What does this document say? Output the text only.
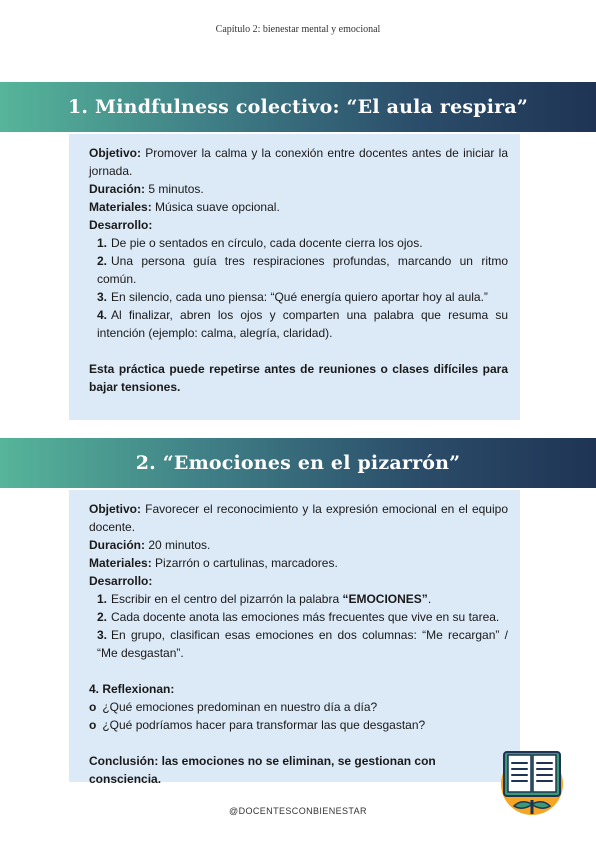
Capítulo 2: bienestar mental y emocional
1. Mindfulness colectivo: “El aula respira”

Objetivo: Promover la calma y la conexión entre docentes antes de iniciar la jornada.

Duración: 5 minutos.

Materiales: Música suave opcional.

Desarrollo:

1. De pie o sentados en círculo, cada docente cierra los ojos.

2. Una persona guía tres respiraciones profundas, marcando un ritmo común.

3. En silencio, cada uno piensa: “Qué energía quiero aportar hoy al aula.”

4. Al finalizar, abren los ojos y comparten una palabra que resuma su intención (ejemplo: calma, alegría, claridad).

Esta práctica puede repetirse antes de reuniones o clases difíciles para bajar tensiones.

2. “Emociones en el pizarrón”

Objetivo: Favorecer el reconocimiento y la expresión emocional en el equipo docente.

Duración: 20 minutos.

Materiales: Pizarrón o cartulinas, marcadores.

Desarrollo:

1. Escribir en el centro del pizarrón la palabra “EMOCIONES”.

2. Cada docente anota las emociones más frecuentes que vive en su tarea.

3. En grupo, clasifican esas emociones en dos columnas: “Me recargan” / “Me desgastan”.

4. Reflexionan:

o ¿Qué emociones predominan en nuestro día a día?

o ¿Qué podríamos hacer para transformar las que desgastan?

Conclusión: las emociones no se eliminan, se gestionan con consciencia.

@DOCENTESCONBIENESTAR
